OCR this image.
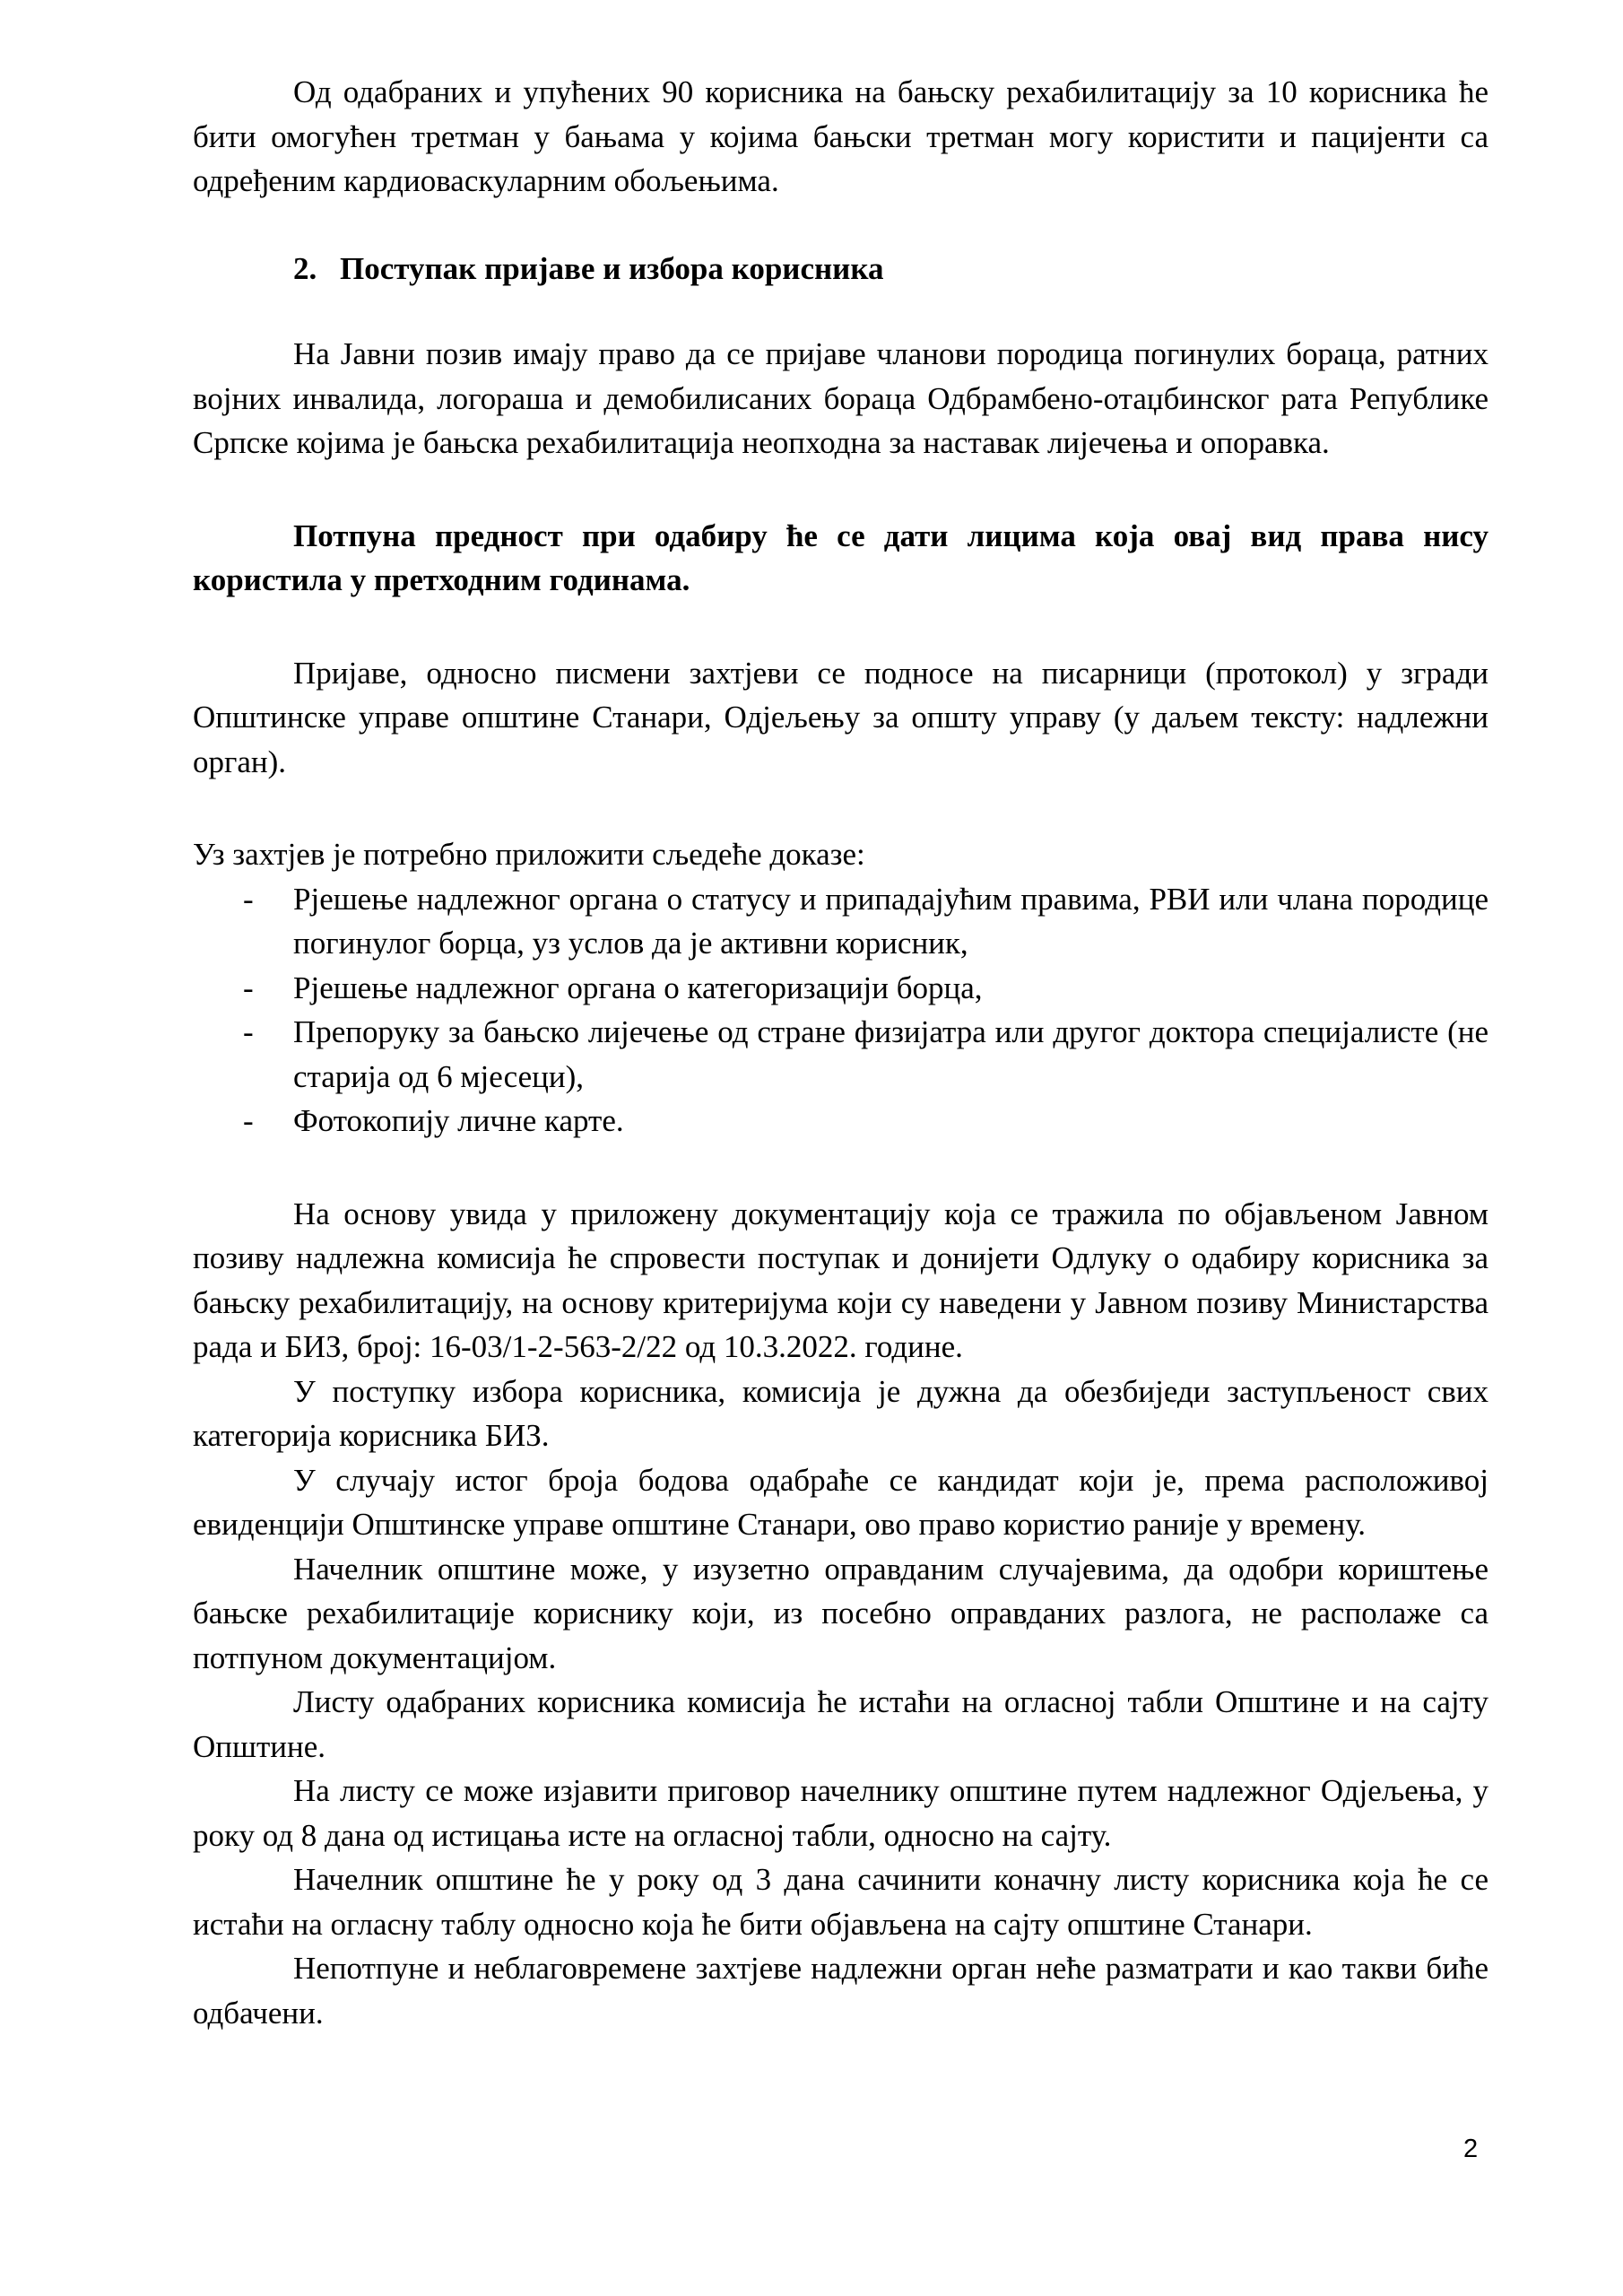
Од одабраних и упућених 90 корисника на бањску рехабилитацију за 10 корисника ће бити омогућен третман у бањама у којима бањски третман могу користити и пацијенти са одређеним кардиоваскуларним обољењима.

2. Поступак пријаве и избора корисника

На Јавни позив имају право да се пријаве чланови породица погинулих бораца, ратних војних инвалида, логораша и демобилисаних бораца Одбрамбено-отаџбинског рата Републике Српске којима је бањска рехабилитација неопходна за наставак лијечења и опоравка.

Потпуна предност при одабиру ће се дати лицима која овај вид права нису користила у претходним годинама.

Пријаве, односно писмени захтјеви се подносе на писарници (протокол) у згради Општинске управе општине Станари, Одјељењу за општу управу (у даљем тексту: надлежни орган).

Уз захтјев је потребно приложити сљедеће доказе:

- Рјешење надлежног органа о статусу и припадајућим правима, РВИ или члана породице погинулог борца, уз услов да је активни корисник,
- Рјешење надлежног органа о категоризацији борца,
- Препоруку за бањско лијечење од стране физијатра или другог доктора специјалисте (не старија од 6 мјесеци),
- Фотокопију личне карте.

На основу увида у приложену документацију која се тражила по објављеном Јавном позиву надлежна комисија ће спровести поступак и донијети Одлуку о одабиру корисника за бањску рехабилитацију, на основу критеријума који су наведени у Јавном позиву Министарства рада и БИЗ, број: 16-03/1-2-563-2/22 од 10.3.2022. године.

У поступку избора корисника, комисија је дужна да обезбиједи заступљеност свих категорија корисника БИЗ.

У случају истог броја бодова одабраће се кандидат који је, према расположивој евиденцији Општинске управе општине Станари, ово право користио раније у времену.

Начелник општине може, у изузетно оправданим случајевима, да одобри кориштење бањске рехабилитације кориснику који, из посебно оправданих разлога, не располаже са потпуном документацијом.

Листу одабраних корисника комисија ће истаћи на огласној табли Општине и на сајту Општине.

На листу се може изјавити приговор начелнику општине путем надлежног Одјељења, у року од 8 дана од истицања исте на огласној табли, односно на сајту.

Начелник општине ће у року од 3 дана сачинити коначну листу корисника која ће се истаћи на огласну таблу односно која ће бити објављена на сајту општине Станари.

Непотпуне и неблаговремене захтјеве надлежни орган неће разматрати и као такви биће одбачени.

2
